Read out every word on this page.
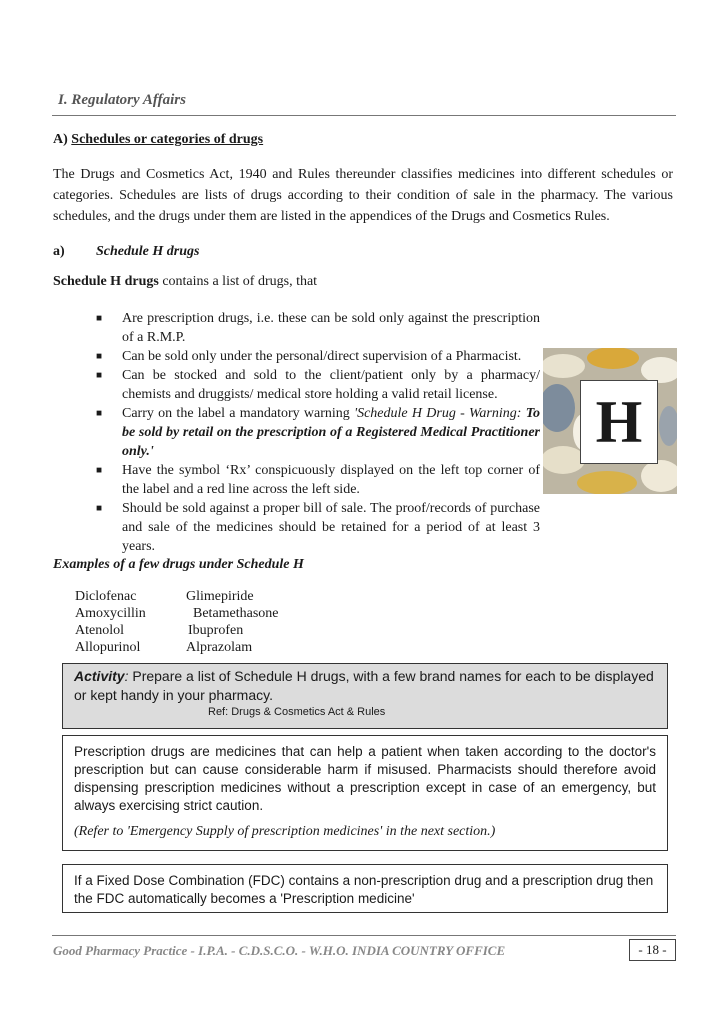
I. Regulatory Affairs
A) Schedules or categories of drugs
The Drugs and Cosmetics Act, 1940 and Rules thereunder classifies medicines into different schedules or categories. Schedules are lists of drugs according to their condition of sale in the pharmacy. The various schedules, and the drugs under them are listed in the appendices of the Drugs and Cosmetics Rules.
a) Schedule H drugs
Schedule H drugs contains a list of drugs, that
■ Are prescription drugs, i.e. these can be sold only against the prescription of a R.M.P.
■ Can be sold only under the personal/direct supervision of a Pharmacist.
■ Can be stocked and sold to the client/patient only by a pharmacy/ chemists and druggists/ medical store holding a valid retail license.
■ Carry on the label a mandatory warning 'Schedule H Drug - Warning: To be sold by retail on the prescription of a Registered Medical Practitioner only.'
■ Have the symbol ‘Rx’ conspicuously displayed on the left top corner of the label and a red line across the left side.
■ Should be sold against a proper bill of sale. The proof/records of purchase and sale of the medicines should be retained for a period of at least 3 years.
H
Examples of a few drugs under Schedule H
Diclofenac	Glimepiride
Amoxycillin	Betamethasone
Atenolol	Ibuprofen
Allopurinol	Alprazolam
Activity: Prepare a list of Schedule H drugs, with a few brand names for each to be displayed or kept handy in your pharmacy.
Ref: Drugs & Cosmetics Act & Rules
Prescription drugs are medicines that can help a patient when taken according to the doctor's prescription but can cause considerable harm if misused. Pharmacists should therefore avoid dispensing prescription medicines without a prescription except in case of an emergency, but always exercising strict caution.
(Refer to 'Emergency Supply of prescription medicines' in the next section.)
If a Fixed Dose Combination (FDC) contains a non-prescription drug and a prescription drug then the FDC automatically becomes a 'Prescription medicine'
Good Pharmacy Practice - I.P.A. - C.D.S.C.O. - W.H.O. INDIA COUNTRY OFFICE	- 18 -
